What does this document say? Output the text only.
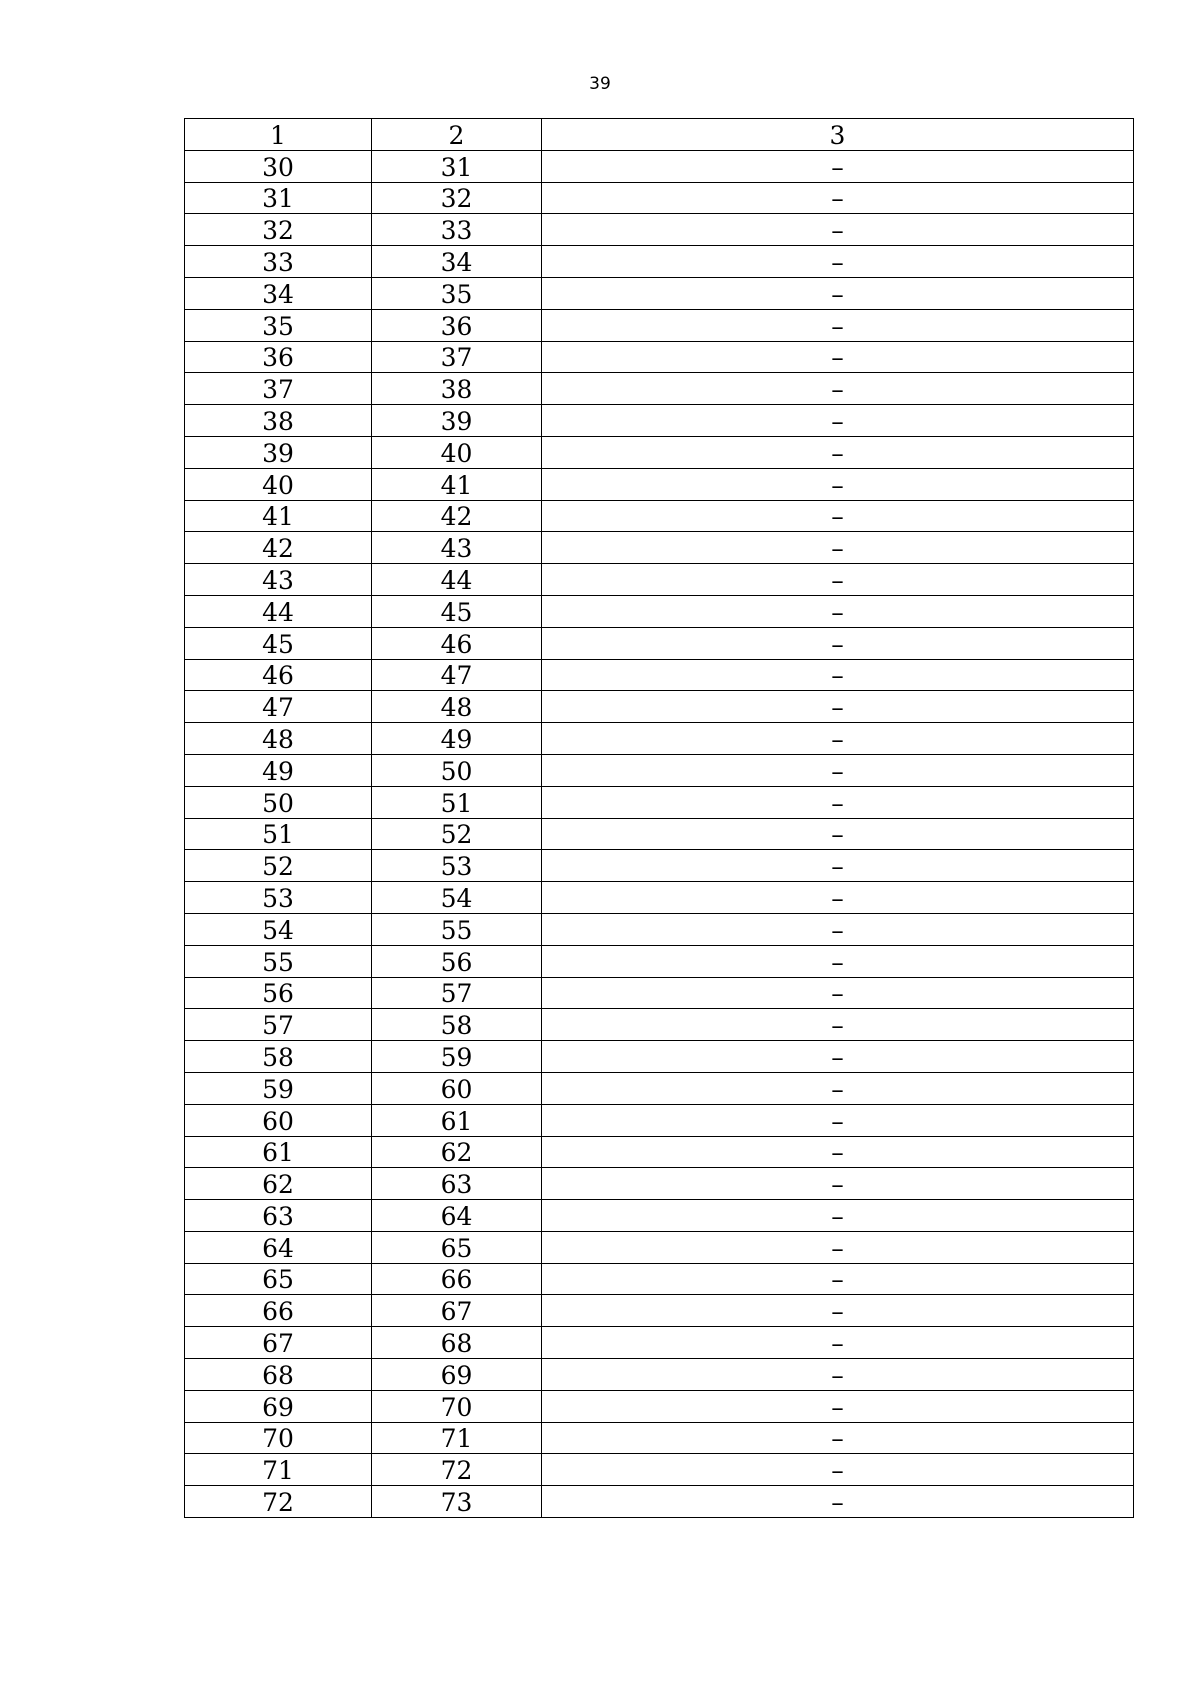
39
1	2	3
30	31	–
31	32	–
32	33	–
33	34	–
34	35	–
35	36	–
36	37	–
37	38	–
38	39	–
39	40	–
40	41	–
41	42	–
42	43	–
43	44	–
44	45	–
45	46	–
46	47	–
47	48	–
48	49	–
49	50	–
50	51	–
51	52	–
52	53	–
53	54	–
54	55	–
55	56	–
56	57	–
57	58	–
58	59	–
59	60	–
60	61	–
61	62	–
62	63	–
63	64	–
64	65	–
65	66	–
66	67	–
67	68	–
68	69	–
69	70	–
70	71	–
71	72	–
72	73	–
